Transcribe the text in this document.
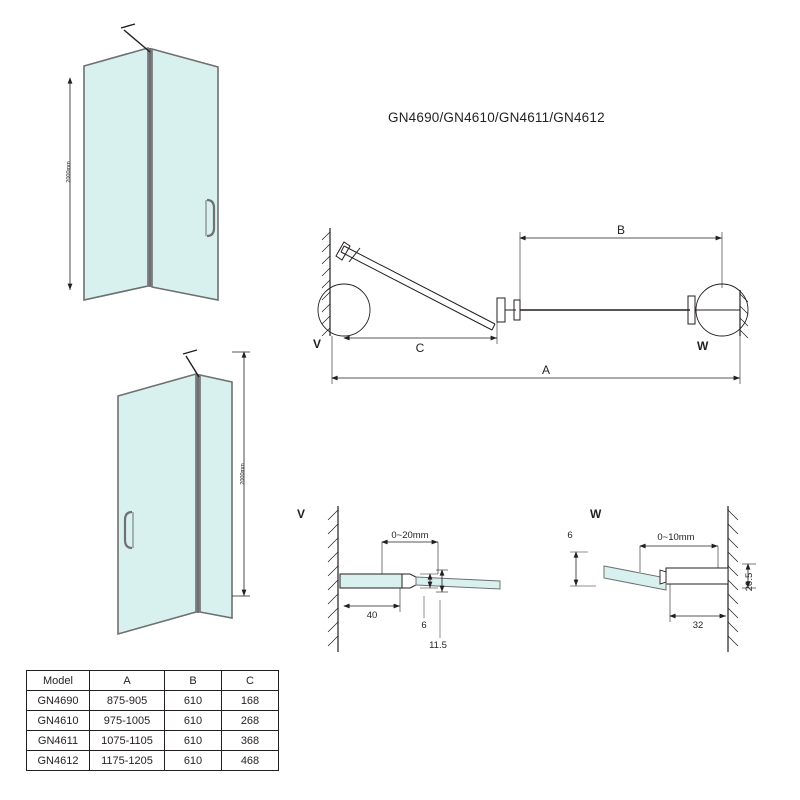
GN4690/GN4610/GN4611/GN4612
2000mm
2000mm
V	W
B
C
A
V
0~20mm
40
6
11.5
W
0~10mm
6
32
20.5
Model	A	B	C
GN4690	875-905	610	168
GN4610	975-1005	610	268
GN4611	1075-1105	610	368
GN4612	1175-1205	610	468
